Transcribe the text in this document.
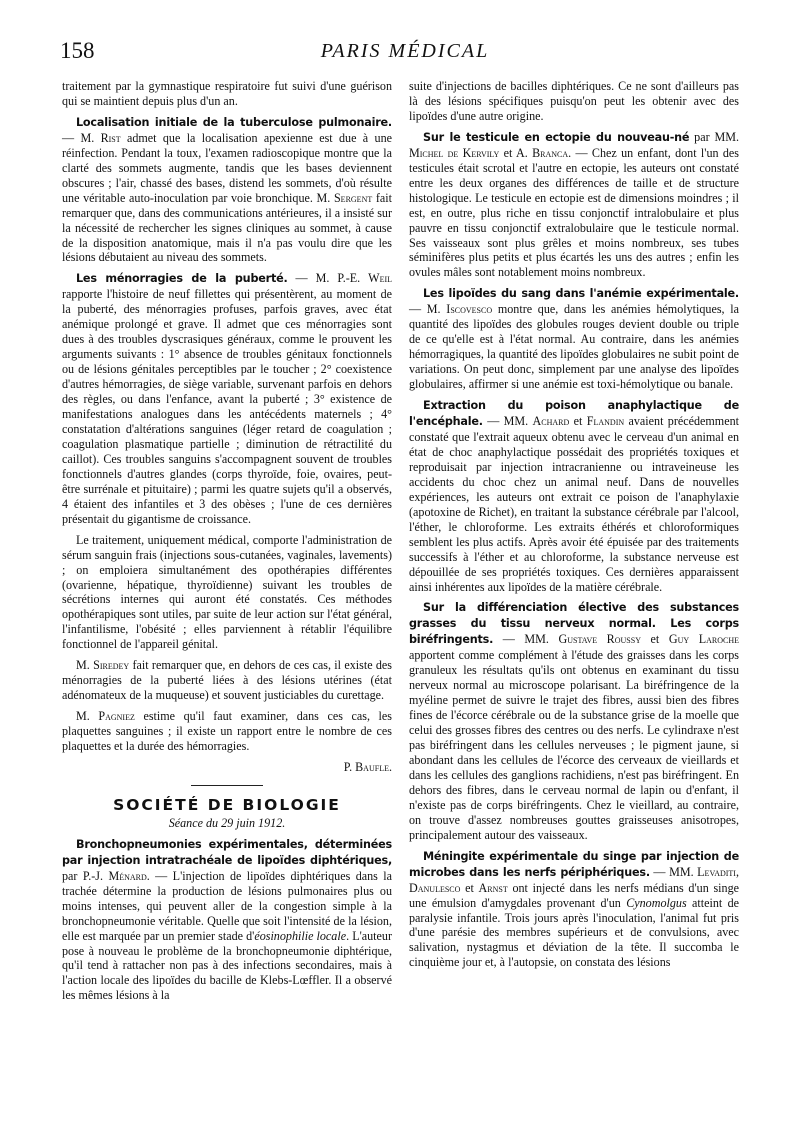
158	PARIS MÉDICAL

traitement par la gymnastique respiratoire fut suivi d'une guérison qui se maintient depuis plus d'un an.

Localisation initiale de la tuberculose pulmonaire. — M. Rist admet que la localisation apexienne est due à une réinfection. Pendant la toux, l'examen radioscopique montre que la clarté des sommets augmente, tandis que les bases deviennent obscures ; l'air, chassé des bases, distend les sommets, d'où résulte une véritable auto-inoculation par voie bronchique. M. Sergent fait remarquer que, dans des communications antérieures, il a insisté sur la nécessité de rechercher les signes cliniques au sommet, à cause de la disposition anatomique, mais il n'a pas voulu dire que les lésions débutaient au niveau des sommets.

Les ménorragies de la puberté. — M. P.-E. Weil rapporte l'histoire de neuf fillettes qui présentèrent, au moment de la puberté, des ménorragies profuses, parfois graves, avec état anémique prolongé et grave. Il admet que ces ménorragies sont dues à des troubles dyscrasiques généraux, comme le prouvent les arguments suivants : 1° absence de troubles génitaux fonctionnels ou de lésions génitales perceptibles par le toucher ; 2° coexistence d'autres hémorragies, de siège variable, survenant parfois en dehors des règles, ou dans l'enfance, avant la puberté ; 3° existence de manifestations analogues dans les antécédents maternels ; 4° constatation d'altérations sanguines (léger retard de coagulation ; coagulation plasmatique partielle ; diminution de rétractilité du caillot). Ces troubles sanguins s'accompagnent souvent de troubles fonctionnels d'autres glandes (corps thyroïde, foie, ovaires, peut-être surrénale et pituitaire) ; parmi les quatre sujets qu'il a observés, 4 étaient des infantiles et 3 des obèses ; l'une de ces dernières présentait du gigantisme de croissance.

Le traitement, uniquement médical, comporte l'administration de sérum sanguin frais (injections sous-cutanées, vaginales, lavements) ; on emploiera simultanément des opothérapies différentes (ovarienne, hépatique, thyroïdienne) suivant les troubles de sécrétions internes qui auront été constatés. Ces méthodes opothérapiques sont utiles, par suite de leur action sur l'état général, l'infantilisme, l'obésité ; elles parviennent à rétablir l'équilibre fonctionnel de l'appareil génital.

M. Siredey fait remarquer que, en dehors de ces cas, il existe des ménorragies de la puberté liées à des lésions utérines (état adénomateux de la muqueuse) et souvent justiciables du curettage.

M. Pagniez estime qu'il faut examiner, dans ces cas, les plaquettes sanguines ; il existe un rapport entre le nombre de ces plaquettes et la durée des hémorragies.

P. Baufle.
SOCIÉTÉ DE BIOLOGIE
Séance du 29 juin 1912.

Bronchopneumonies expérimentales, déterminées par injection intratrachéale de lipoïdes diphtériques, par P.-J. Ménard. — L'injection de lipoïdes diphtériques dans la trachée détermine la production de lésions pulmonaires plus ou moins intenses, qui peuvent aller de la congestion simple à la bronchopneumonie véritable. Quelle que soit l'intensité de la lésion, elle est marquée par un premier stade d'éosinophilie locale. L'auteur pose à nouveau le problème de la bronchopneumonie diphtérique, qu'il tend à rattacher non pas à des infections secondaires, mais à l'action locale des lipoïdes du bacille de Klebs-Lœffler. Il a observé les mêmes lésions à la

suite d'injections de bacilles diphtériques. Ce ne sont d'ailleurs pas là des lésions spécifiques puisqu'on peut les obtenir avec des lipoïdes d'une autre origine.

Sur le testicule en ectopie du nouveau-né par MM. Michel de Kervily et A. Branca. — Chez un enfant, dont l'un des testicules était scrotal et l'autre en ectopie, les auteurs ont constaté entre les deux organes des différences de taille et de structure histologique. Le testicule en ectopie est de dimensions moindres ; il est, en outre, plus riche en tissu conjonctif intralobulaire et plus pauvre en tissu conjonctif extralobulaire que le testicule normal. Ses vaisseaux sont plus grêles et moins nombreux, ses tubes séminifères plus petits et plus écartés les uns des autres ; enfin les ovules mâles sont notablement moins nombreux.

Les lipoïdes du sang dans l'anémie expérimentale. — M. Iscovesco montre que, dans les anémies hémolytiques, la quantité des lipoïdes des globules rouges devient double ou triple de ce qu'elle est à l'état normal. Au contraire, dans les anémies hémorragiques, la quantité des lipoïdes globulaires ne subit point de variations. On peut donc, simplement par une analyse des lipoïdes globulaires, affirmer si une anémie est toxi-hémolytique ou banale.

Extraction du poison anaphylactique de l'encéphale. — MM. Achard et Flandin avaient précédemment constaté que l'extrait aqueux obtenu avec le cerveau d'un animal en état de choc anaphylactique possédait des propriétés toxiques et reproduisait par injection intracranienne ou intraveineuse les accidents du choc chez un animal neuf. Dans de nouvelles expériences, les auteurs ont extrait ce poison de l'anaphylaxie (apotoxine de Richet), en traitant la substance cérébrale par l'alcool, l'éther, le chloroforme. Les extraits éthérés et chloroformiques semblent les plus actifs. Après avoir été épuisée par des traitements successifs à l'éther et au chloroforme, la substance nerveuse est dépouillée de ses propriétés toxiques. Ces dernières apparaissent ainsi inhérentes aux lipoïdes de la matière cérébrale.

Sur la différenciation élective des substances grasses du tissu nerveux normal. Les corps biréfringents. — MM. Gustave Roussy et Guy Laroche apportent comme complément à l'étude des graisses dans les corps granuleux les résultats qu'ils ont obtenus en examinant du tissu nerveux normal au microscope polarisant. La biréfringence de la myéline permet de suivre le trajet des fibres, aussi bien des fibres fines de l'écorce cérébrale ou de la substance grise de la moelle que celui des grosses fibres des centres ou des nerfs. Le cylindraxe n'est pas biréfringent dans les cellules nerveuses ; le pigment jaune, si abondant dans les cellules de l'écorce des cerveaux de vieillards et dans les cellules des ganglions rachidiens, n'est pas biréfringent. En dehors des fibres, dans le cerveau normal de lapin ou d'enfant, il n'existe pas de corps biréfringents. Chez le vieillard, au contraire, on trouve d'assez nombreuses gouttes graisseuses anisotropes, principalement autour des vaisseaux.

Méningite expérimentale du singe par injection de microbes dans les nerfs périphériques. — MM. Levaditi, Danulesco et Arnst ont injecté dans les nerfs médians d'un singe une émulsion d'amygdales provenant d'un Cynomolgus atteint de paralysie infantile. Trois jours après l'inoculation, l'animal fut pris d'une parésie des membres supérieurs et de convulsions, avec salivation, nystagmus et déviation de la tête. Il succomba le cinquième jour et, à l'autopsie, on constata des lésions
